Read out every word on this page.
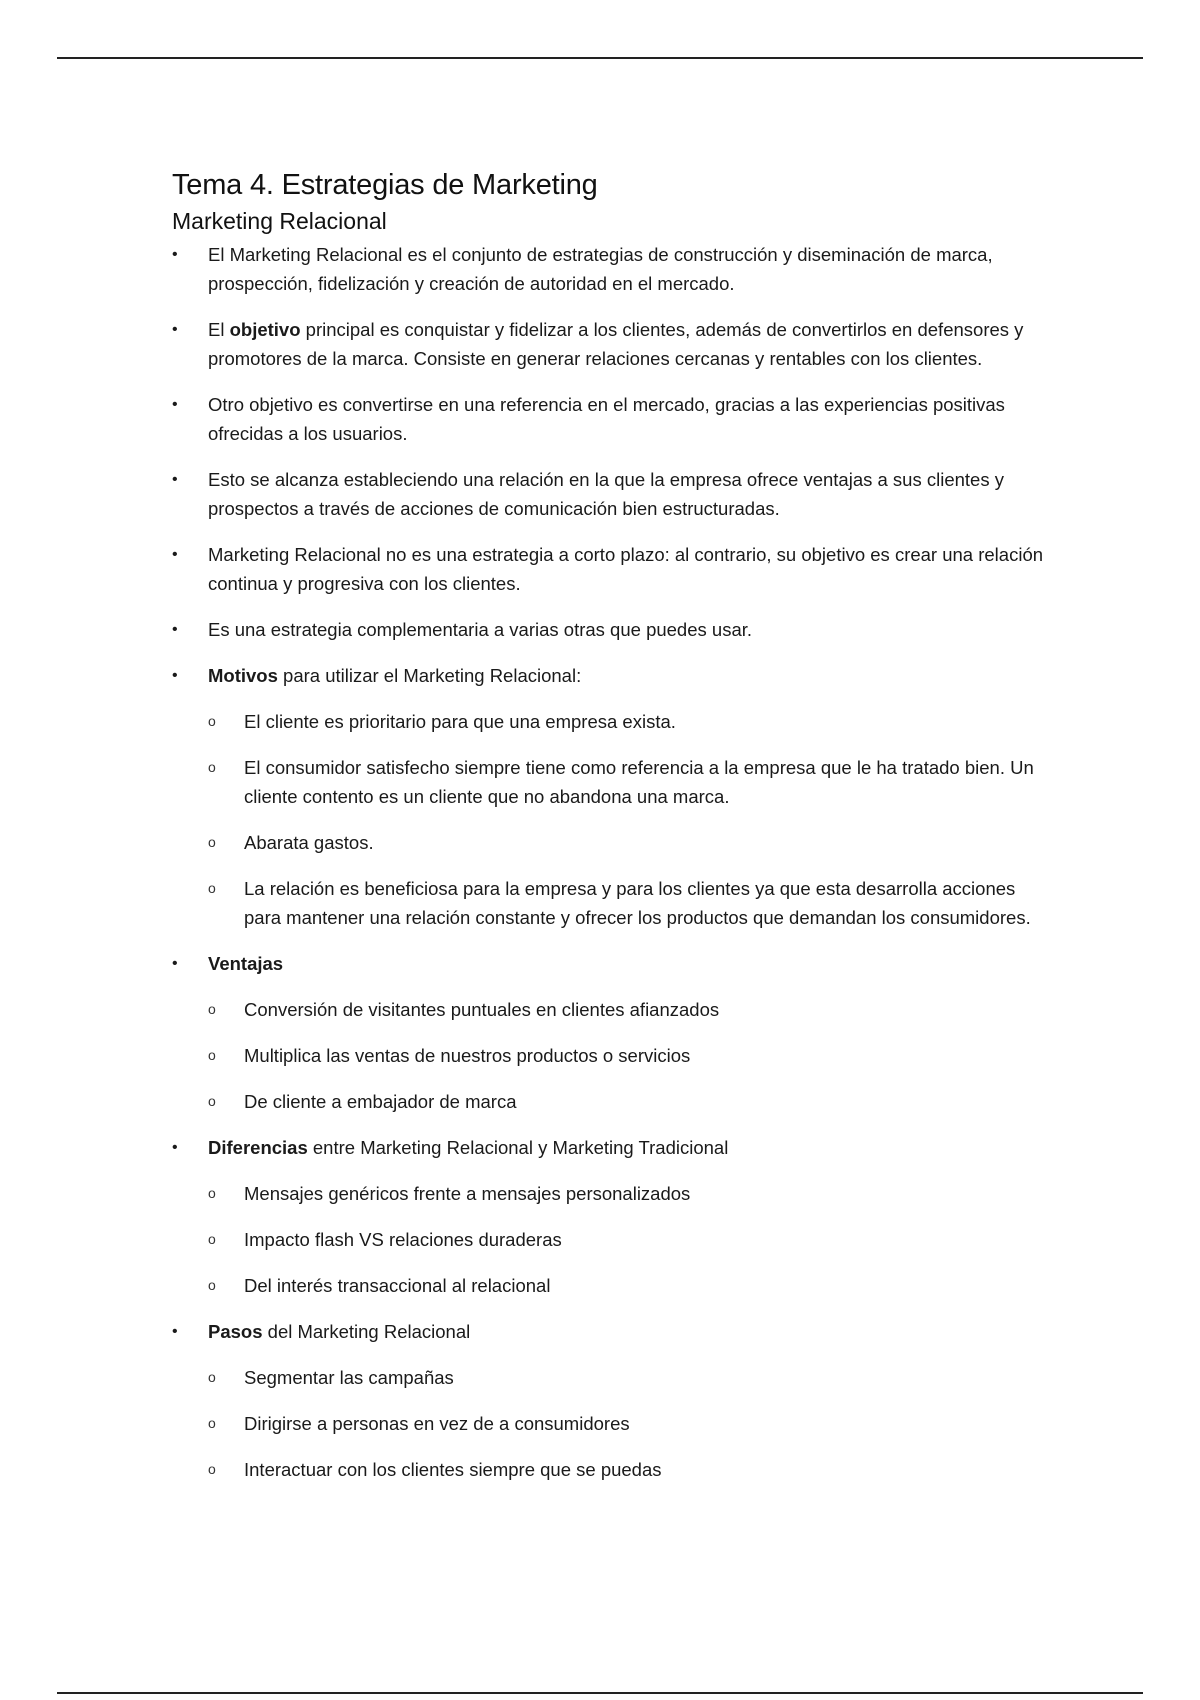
Tema 4. Estrategias de Marketing
Marketing Relacional
•	El Marketing Relacional es el conjunto de estrategias de construcción y diseminación de marca, prospección, fidelización y creación de autoridad en el mercado.
•	El objetivo principal es conquistar y fidelizar a los clientes, además de convertirlos en defensores y promotores de la marca. Consiste en generar relaciones cercanas y rentables con los clientes.
•	Otro objetivo es convertirse en una referencia en el mercado, gracias a las experiencias positivas ofrecidas a los usuarios.
•	Esto se alcanza estableciendo una relación en la que la empresa ofrece ventajas a sus clientes y prospectos a través de acciones de comunicación bien estructuradas.
•	Marketing Relacional no es una estrategia a corto plazo: al contrario, su objetivo es crear una relación continua y progresiva con los clientes.
•	Es una estrategia complementaria a varias otras que puedes usar.
•	Motivos para utilizar el Marketing Relacional:
o	El cliente es prioritario para que una empresa exista.
o	El consumidor satisfecho siempre tiene como referencia a la empresa que le ha tratado bien. Un cliente contento es un cliente que no abandona una marca.
o	Abarata gastos.
o	La relación es beneficiosa para la empresa y para los clientes ya que esta desarrolla acciones para mantener una relación constante y ofrecer los productos que demandan los consumidores.
•	Ventajas
o	Conversión de visitantes puntuales en clientes afianzados
o	Multiplica las ventas de nuestros productos o servicios
o	De cliente a embajador de marca
•	Diferencias entre Marketing Relacional y Marketing Tradicional
o	Mensajes genéricos frente a mensajes personalizados
o	Impacto flash VS relaciones duraderas
o	Del interés transaccional al relacional
•	Pasos del Marketing Relacional
o	Segmentar las campañas
o	Dirigirse a personas en vez de a consumidores
o	Interactuar con los clientes siempre que se puedas
